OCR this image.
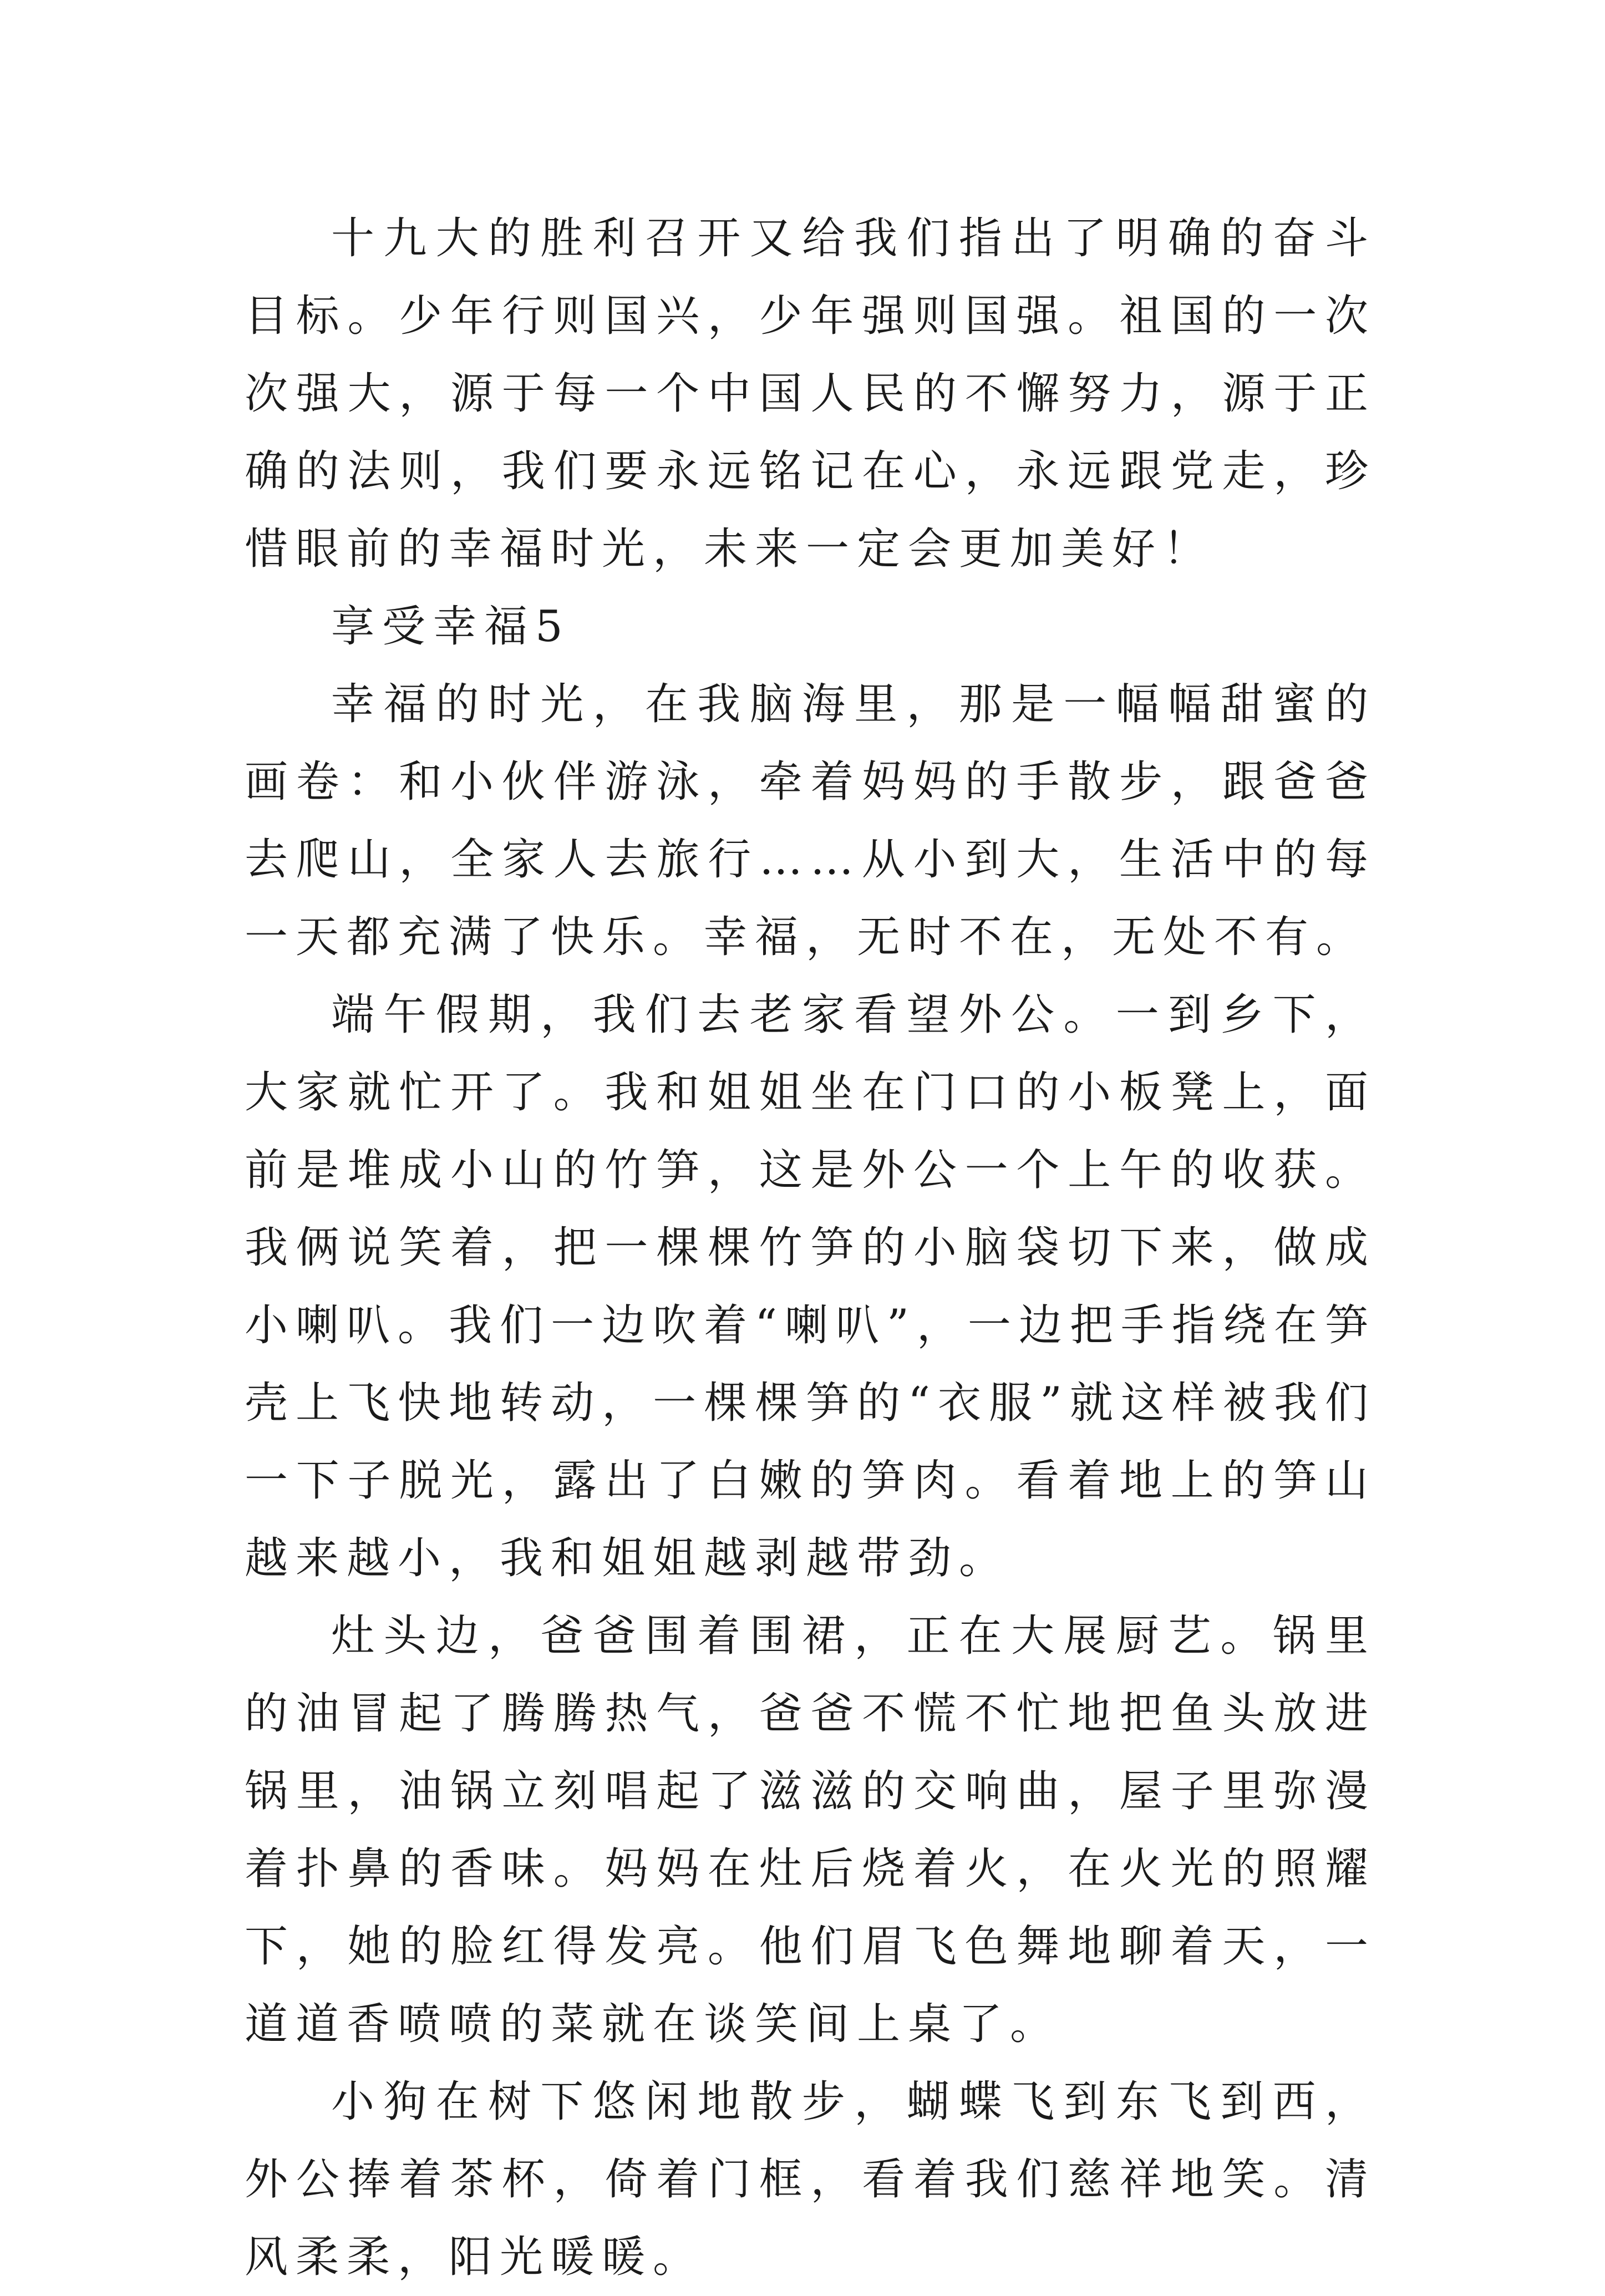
十九大的胜利召开又给我们指出了明确的奋斗目标。少年行则国兴，少年强则国强。祖国的一次次强大，源于每一个中国人民的不懈努力，源于正确的法则，我们要永远铭记在心，永远跟党走，珍惜眼前的幸福时光，未来一定会更加美好！

享受幸福5

幸福的时光，在我脑海里，那是一幅幅甜蜜的画卷：和小伙伴游泳，牵着妈妈的手散步，跟爸爸去爬山，全家人去旅行……从小到大，生活中的每一天都充满了快乐。幸福，无时不在，无处不有。

端午假期，我们去老家看望外公。一到乡下，大家就忙开了。我和姐姐坐在门口的小板凳上，面前是堆成小山的竹笋，这是外公一个上午的收获。我俩说笑着，把一棵棵竹笋的小脑袋切下来，做成小喇叭。我们一边吹着“喇叭”，一边把手指绕在笋壳上飞快地转动，一棵棵笋的“衣服”就这样被我们一下子脱光，露出了白嫩的笋肉。看着地上的笋山越来越小，我和姐姐越剥越带劲。

灶头边，爸爸围着围裙，正在大展厨艺。锅里的油冒起了腾腾热气，爸爸不慌不忙地把鱼头放进锅里，油锅立刻唱起了滋滋的交响曲，屋子里弥漫着扑鼻的香味。妈妈在灶后烧着火，在火光的照耀下，她的脸红得发亮。他们眉飞色舞地聊着天，一道道香喷喷的菜就在谈笑间上桌了。

小狗在树下悠闲地散步，蝴蝶飞到东飞到西，外公捧着茶杯，倚着门框，看着我们慈祥地笑。清风柔柔，阳光暖暖。
